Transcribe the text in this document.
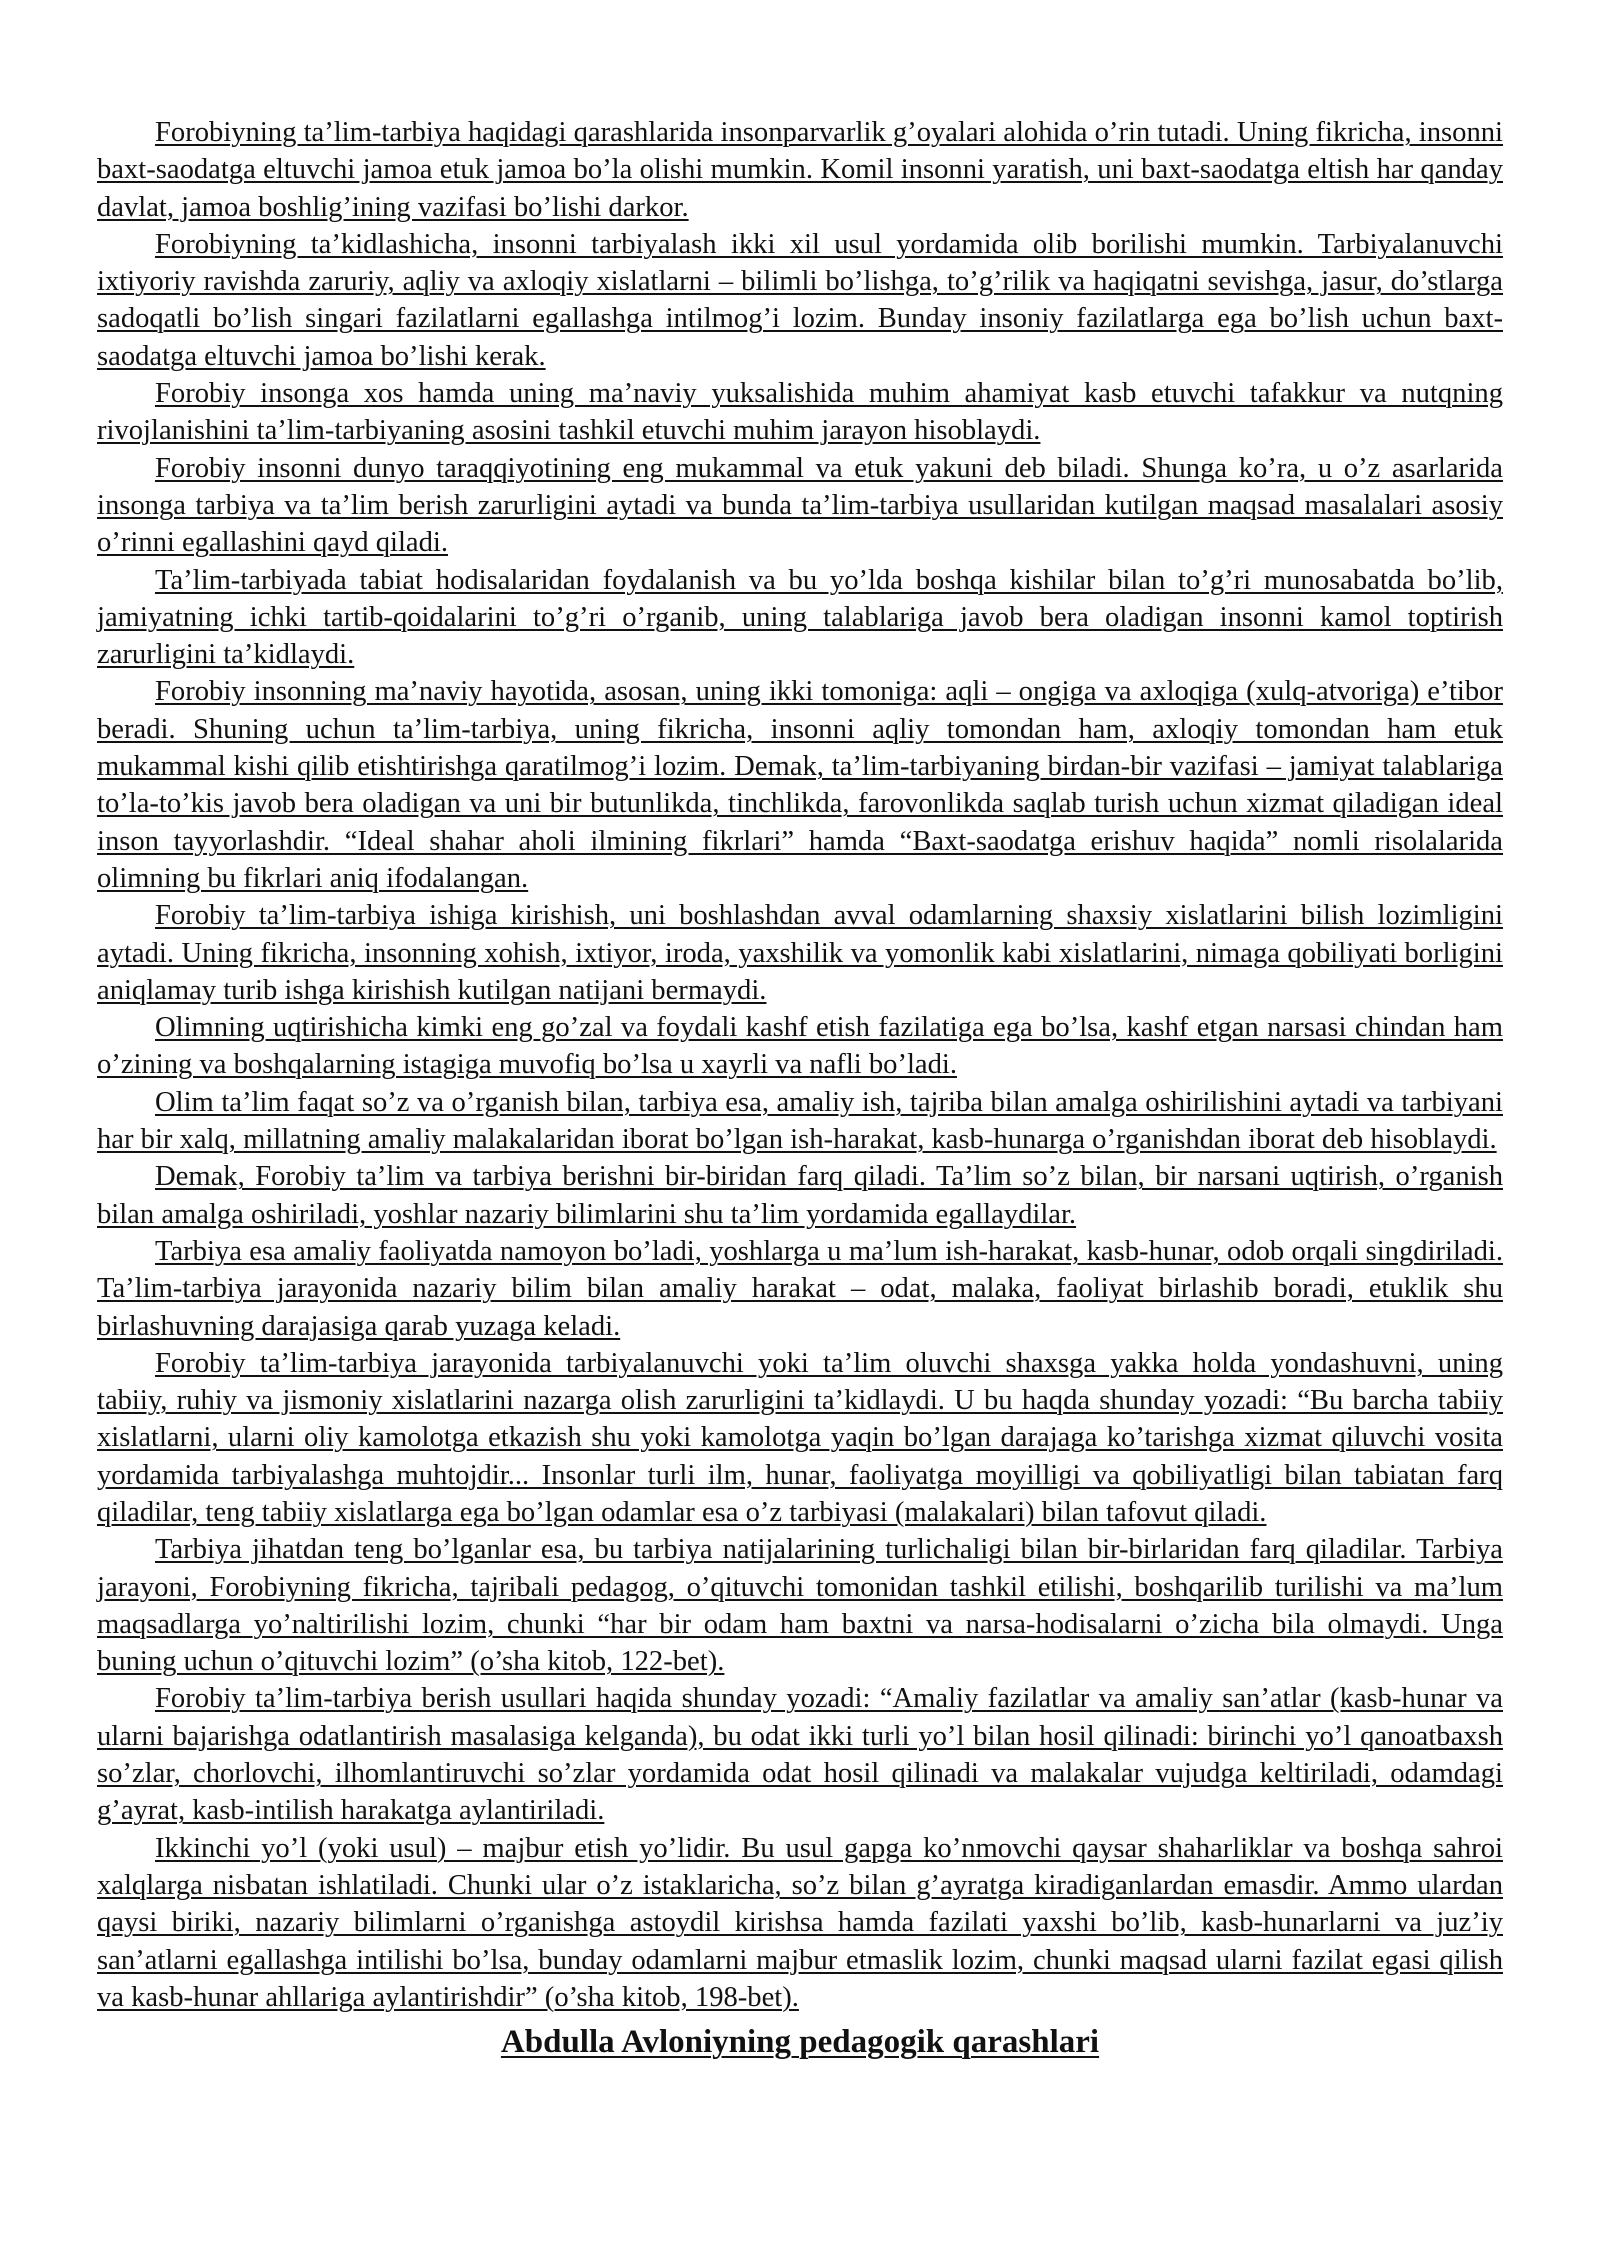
Forobiyning ta’lim-tarbiya haqidagi qarashlarida insonparvarlik g’oyalari alohida o’rin tutadi. Uning fikricha, insonni baxt-saodatga eltuvchi jamoa etuk jamoa bo’la olishi mumkin. Komil insonni yaratish, uni baxt-saodatga eltish har qanday davlat, jamoa boshlig’ining vazifasi bo’lishi darkor.

Forobiyning ta’kidlashicha, insonni tarbiyalash ikki xil usul yordamida olib borilishi mumkin. Tarbiyalanuvchi ixtiyoriy ravishda zaruriy, aqliy va axloqiy xislatlarni – bilimli bo’lishga, to’g’rilik va haqiqatni sevishga, jasur, do’stlarga sadoqatli bo’lish singari fazilatlarni egallashga intilmog’i lozim. Bunday insoniy fazilatlarga ega bo’lish uchun baxt-saodatga eltuvchi jamoa bo’lishi kerak.

Forobiy insonga xos hamda uning ma’naviy yuksalishida muhim ahamiyat kasb etuvchi tafakkur va nutqning rivojlanishini ta’lim-tarbiyaning asosini tashkil etuvchi muhim jarayon hisoblaydi.

Forobiy insonni dunyo taraqqiyotining eng mukammal va etuk yakuni deb biladi. Shunga ko’ra, u o’z asarlarida insonga tarbiya va ta’lim berish zarurligini aytadi va bunda ta’lim-tarbiya usullaridan kutilgan maqsad masalalari asosiy o’rinni egallashini qayd qiladi.

Ta’lim-tarbiyada tabiat hodisalaridan foydalanish va bu yo’lda boshqa kishilar bilan to’g’ri munosabatda bo’lib, jamiyatning ichki tartib-qoidalarini to’g’ri o’rganib, uning talablariga javob bera oladigan insonni kamol toptirish zarurligini ta’kidlaydi.

Forobiy insonning ma’naviy hayotida, asosan, uning ikki tomoniga: aqli – ongiga va axloqiga (xulq-atvoriga) e’tibor beradi. Shuning uchun ta’lim-tarbiya, uning fikricha, insonni aqliy tomondan ham, axloqiy tomondan ham etuk mukammal kishi qilib etishtirishga qaratilmog’i lozim. Demak, ta’lim-tarbiyaning birdan-bir vazifasi – jamiyat talablariga to’la-to’kis javob bera oladigan va uni bir butunlikda, tinchlikda, farovonlikda saqlab turish uchun xizmat qiladigan ideal inson tayyorlashdir. “Ideal shahar aholi ilmining fikrlari” hamda “Baxt-saodatga erishuv haqida” nomli risolalarida olimning bu fikrlari aniq ifodalangan.

Forobiy ta’lim-tarbiya ishiga kirishish, uni boshlashdan avval odamlarning shaxsiy xislatlarini bilish lozimligini aytadi. Uning fikricha, insonning xohish, ixtiyor, iroda, yaxshilik va yomonlik kabi xislatlarini, nimaga qobiliyati borligini aniqlamay turib ishga kirishish kutilgan natijani bermaydi.

Olimning uqtirishicha kimki eng go’zal va foydali kashf etish fazilatiga ega bo’lsa, kashf etgan narsasi chindan ham o’zining va boshqalarning istagiga muvofiq bo’lsa u xayrli va nafli bo’ladi.

Olim ta’lim faqat so’z va o’rganish bilan, tarbiya esa, amaliy ish, tajriba bilan amalga oshirilishini aytadi va tarbiyani har bir xalq, millatning amaliy malakalaridan iborat bo’lgan ish-harakat, kasb-hunarga o’rganishdan iborat deb hisoblaydi.

Demak, Forobiy ta’lim va tarbiya berishni bir-biridan farq qiladi. Ta’lim so’z bilan, bir narsani uqtirish, o’rganish bilan amalga oshiriladi, yoshlar nazariy bilimlarini shu ta’lim yordamida egallaydilar.

Tarbiya esa amaliy faoliyatda namoyon bo’ladi, yoshlarga u ma’lum ish-harakat, kasb-hunar, odob orqali singdiriladi. Ta’lim-tarbiya jarayonida nazariy bilim bilan amaliy harakat – odat, malaka, faoliyat birlashib boradi, etuklik shu birlashuvning darajasiga qarab yuzaga keladi.

Forobiy ta’lim-tarbiya jarayonida tarbiyalanuvchi yoki ta’lim oluvchi shaxsga yakka holda yondashuvni, uning tabiiy, ruhiy va jismoniy xislatlarini nazarga olish zarurligini ta’kidlaydi. U bu haqda shunday yozadi: “Bu barcha tabiiy xislatlarni, ularni oliy kamolotga etkazish shu yoki kamolotga yaqin bo’lgan darajaga ko’tarishga xizmat qiluvchi vosita yordamida tarbiyalashga muhtojdir... Insonlar turli ilm, hunar, faoliyatga moyilligi va qobiliyatligi bilan tabiatan farq qiladilar, teng tabiiy xislatlarga ega bo’lgan odamlar esa o’z tarbiyasi (malakalari) bilan tafovut qiladi.

Tarbiya jihatdan teng bo’lganlar esa, bu tarbiya natijalarining turlichaligi bilan bir-birlaridan farq qiladilar. Tarbiya jarayoni, Forobiyning fikricha, tajribali pedagog, o’qituvchi tomonidan tashkil etilishi, boshqarilib turilishi va ma’lum maqsadlarga yo’naltirilishi lozim, chunki “har bir odam ham baxtni va narsa-hodisalarni o’zicha bila olmaydi. Unga buning uchun o’qituvchi lozim” (o’sha kitob, 122-bet).

Forobiy ta’lim-tarbiya berish usullari haqida shunday yozadi: “Amaliy fazilatlar va amaliy san’atlar (kasb-hunar va ularni bajarishga odatlantirish masalasiga kelganda), bu odat ikki turli yo’l bilan hosil qilinadi: birinchi yo’l qanoatbaxsh so’zlar, chorlovchi, ilhomlantiruvchi so’zlar yordamida odat hosil qilinadi va malakalar vujudga keltiriladi, odamdagi g’ayrat, kasb-intilish harakatga aylantiriladi.

Ikkinchi yo’l (yoki usul) – majbur etish yo’lidir. Bu usul gapga ko’nmovchi qaysar shaharliklar va boshqa sahroi xalqlarga nisbatan ishlatiladi. Chunki ular o’z istaklaricha, so’z bilan g’ayratga kiradiganlardan emasdir. Ammo ulardan qaysi biriki, nazariy bilimlarni o’rganishga astoydil kirishsa hamda fazilati yaxshi bo’lib, kasb-hunarlarni va juz’iy san’atlarni egallashga intilishi bo’lsa, bunday odamlarni majbur etmaslik lozim, chunki maqsad ularni fazilat egasi qilish va kasb-hunar ahllariga aylantirishdir” (o’sha kitob, 198-bet).

Abdulla Avloniyning pedagogik qarashlari
